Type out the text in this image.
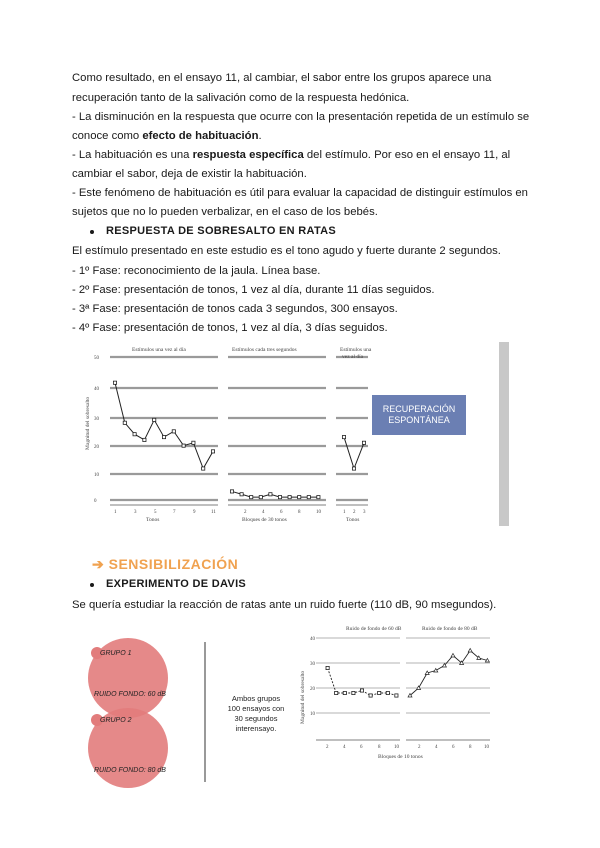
Como resultado, en el ensayo 11, al cambiar, el sabor entre los grupos aparece una
recuperación tanto de la salivación como de la respuesta hedónica.
- La disminución en la respuesta que ocurre con la presentación repetida de un estímulo se
conoce como efecto de habituación.
- La habituación es una respuesta específica del estímulo. Por eso en el ensayo 11, al
cambiar el sabor, deja de existir la habituación.
- Este fenómeno de habituación es útil para evaluar la capacidad de distinguir estímulos en
sujetos que no lo pueden verbalizar, en el caso de los bebés.
RESPUESTA DE SOBRESALTO EN RATAS
El estímulo presentado en este estudio es el tono agudo y fuerte durante 2 segundos.
- 1º Fase: reconocimiento de la jaula. Línea base.
- 2º Fase: presentación de tonos, 1 vez al día, durante 11 días seguidos.
- 3ª Fase: presentación de tonos cada 3 segundos, 300 ensayos.
- 4º Fase: presentación de tonos, 1 vez al día, 3 días seguidos.
50
40
30
20
10
0
Magnitud del sobresalto
Estímulos una vez al día	Estímulos cada tres segundos	Estímulos una
vez al día
1	3	5	7	9	11	2	4	6	8	10	1 2 3
Tonos	Bloques de 30 tonos	Tonos
RECUPERACIÓN
ESPONTÁNEA
➔ SENSIBILIZACIÓN
EXPERIMENTO DE DAVIS
Se quería estudiar la reacción de ratas ante un ruido fuerte (110 dB, 90 msegundos).
GRUPO 1
RUIDO FONDO: 60 dB
GRUPO 2
RUIDO FONDO: 80 dB
Ambos grupos
100 ensayos con
30 segundos
interensayo.
Ruido de fondo de 60 dB	Ruido de fondo de 80 dB
40
30
20
10
Magnitud del sobresalto
2	4	6	8	10	2	4	6	8	10
Bloques de 10 tonos
